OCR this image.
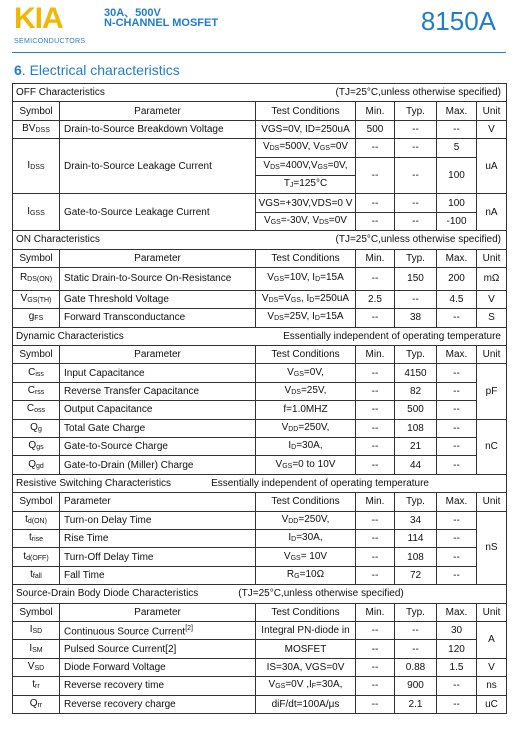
KIA
SEMICONDUCTORS
30A、500V
N-CHANNEL MOSFET	8150A
6. Electrical characteristics
OFF Characteristics (TJ=25°C,unless otherwise specified)						

Symbol	Parameter	Test Conditions	Min.	Typ.	Max.	Unit
$BV_{DSS}$	Drain-to-Source Breakdown Voltage	VGS=0V, ID=250uA	500	--	--	V
$I_{DSS}$	Drain-to-Source Leakage Current	$V_{DS}=500V$, $V_{GS}=0V$	--	--	5	uA
		$V_{DS}=400V,V_{GS}=0V$,	--	--	100	
		$T_J=125^\circ C$				
$I_{GSS}$	Gate-to-Source Leakage Current	VGS=+30V,VDS=0 V	--	--	100	nA
		$V_{GS}=-30V$, $V_{DS}=0V$	--	--	-100	
ON Characteristics (TJ=25°C,unless otherwise specified)						

Symbol	Parameter	Test Conditions	Min.	Typ.	Max.	Unit
$R_{DS(ON)}$	Static Drain-to-Source On-Resistance	$V_{GS}=10V$, $I_D=15A$	--	150	200	mΩ
$V_{GS(TH)}$	Gate Threshold Voltage	$V_{DS}=V_{GS}$, $I_D=250uA$	2.5	--	4.5	V
$g_{FS}$	Forward Transconductance	$V_{DS}=25V$, $I_D=15A$	--	38	--	S
Dynamic Characteristics Essentially independent of operating temperature						

Symbol	Parameter	Test Conditions	Min.	Typ.	Max.	Unit
$C_{iss}$	Input Capacitance	$V_{GS}=0V$,	--	4150	--	pF
$C_{rss}$	Reverse Transfer Capacitance	$V_{DS}=25V$,	--	82	--	
$C_{oss}$	Output Capacitance	f=1.0MHZ	--	500	--	
$Q_g$	Total Gate Charge	$V_{DD}=250V$,	--	108	--	nC
$Q_{gs}$	Gate-to-Source Charge	$I_D=30A$,	--	21	--	
$Q_{gd}$	Gate-to-Drain (Miller) Charge	$V_{GS}=0$ to 10V	--	44	--	
Resistive Switching Characteristics Essentially independent of operating temperature						
Symbol	Parameter	Test Conditions	Min.	Typ.	Max.	Unit
$t_{d(ON)}$	Turn-on Delay Time	$V_{DD}=250V$,	--	34	--	nS
$t_{rise}$	Rise Time	$I_D=30A$,	--	114	--	
$t_{d(OFF)}$	Turn-Off Delay Time	$V_{GS}= 10V$	--	108	--	
$t_{fall}$	Fall Time	$R_G=10\Omega$	--	72	--	
Source-Drain Body Diode Characteristics (TJ=25°C,unless otherwise specified)						
Symbol	Parameter	Test Conditions	Min.	Typ.	Max.	Unit
$I_{SD}$	Continuous Source Current[2]	Integral PN-diode in	--	--	30	A
$I_{SM}$	Pulsed Source Current[2]	MOSFET	--	--	120	
$V_{SD}$	Diode Forward Voltage	IS=30A, VGS=0V	--	0.88	1.5	V
$t_{rr}$	Reverse recovery time	$V_{GS}=0V$ $,I_F=30A$,	--	900	--	ns
$Q_{rr}$	Reverse recovery charge	diF/dt=100A/μs	--	2.1	--	uC
